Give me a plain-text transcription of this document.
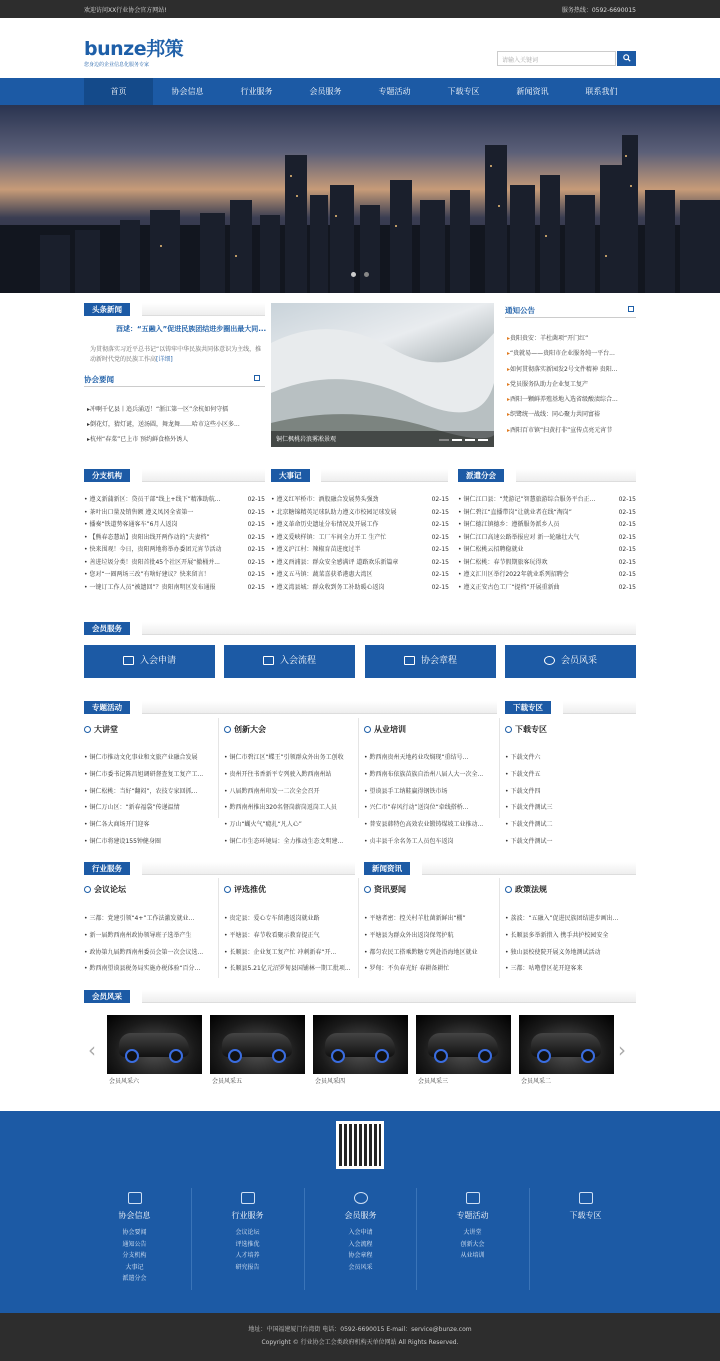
欢迎访问XX行业协会官方网站!	服务热线：0592-6690015
bunze邦策
您身边的企业信息化服务专家
请输入关键词
首页	协会信息	行业服务	会员服务	专题活动	下载专区	新闻资讯	联系我们
头条新闻
酉逑：“五融入”促进民族团结进步圈出最大同...
为贯彻落实习近平总书记“以铸牢中华民族共同体意识为主线，推动新时代党的民族工作高[详细]
协会要闻
▸冲啊千亿县丨追兵涌迈！“浙江第一区”余杭如何守擂
▸倒花灯，猜灯谜，送汤圆，舞龙舞……哈市这些小区多...
▸杭州“春菜”已上市 预约鲜食格外诱人	铜仁枫桃岩浪雾凇景观
通知公告
▸贵阳贵安：羊杜菌项“开门红”
▸“贵就易——贵阳市企业服务纯一平台...
▸如何贯彻落实新园发2号文件精神 贵阳...
▸党员服务队助力企业复工复产
▸酉阳一颗鲜养殖基地入选省级酸渍综合...
▸织鹭统一战线：同心聚力共同富裕
▸酉阳百市镇“扫黄打非”宣传点亮元宵节
分支机构
• 遵义新蒲新区：贷员干部“线上+线下”精准助航...	02-15
• 茶叶出口量及销售额 遵义凤冈全省第一	02-15
• 播奏“铁道势客通客车”6月人返岗	02-15
• 【熊春态慧站】贵阳出线开两作动的“夫妻档”	02-15
• 快来围观！今日，贵阳两地将举办委团元宵节活动	02-15
• 善进垃圾分类！贵阳首批45个社区开展“撤桶并...	02-15
• 您对“一圈两场三改”有啥好建议？快来留言！	02-15
• 一键订工作人员“被遗回”？贵阳南明区发布通报	02-15
大事记
• 遵义红军桥市：酒股融合发展势头强劲	02-15
• 北京糖锦精英足球队助力遵义市校园足球发展	02-15
• 遵义革命历史遗址分布情况及开展工作	02-15
• 遵义爱峡样镇：工厂车间全力开工 生产忙	02-15
• 遵义沪江村：辣椒育苗进度过半	02-15
• 遵义酉浦县：群众安全感满评 道路欢乐新篇章	02-15
• 遵义五马镇：蔬菜喜获希港惠大湾区	02-15
• 遵义湾县城：群众收到务工补助暖心返岗	02-15
派遣分会
• 铜仁江口县：“梵游记”智慧旅游综合服务平台正...	02-15
• 铜仁碧江“直播带岗”让就业者在线“淘岗”	02-15
• 铜仁德江镇德乡：遵循服务派乡人员	02-15
• 铜仁江口高速公路举报应对 新一轮融壮大气	02-15
• 铜仁松桃云招聘稳就业	02-15
• 铜仁松桃：春节假期旅客玩得欢	02-15
• 遵义汇川区举行2022年就业系列招聘会	02-15
• 遵义正安古色工厂“提档”开展重新曲	02-15
会员服务
入会申请	入会流程	协会章程	会员风采
专题活动	下载专区
大讲堂	创新大会	从业培训	下载专区
• 铜仁市推动文化事业和文旅产业融合发展
• 铜仁市委书记陈昌旭调研督查复工复产工...
• 铜仁松桃：当好“翻闷”，农技专家回抓...
• 铜仁万山区：“新春福袋”传递温情
• 铜仁各大商场开门迎客
• 铜仁市将建设155钟健身圈
• 铜仁市碧江区“蝶王”引领群众外出务工创收
• 贵州开往书香新平专列驶入黔西南州站
• 八届黔西南州印发一二次全会召开
• 黔西南州推出320名督岗薪岗返岗工人员
• 万山“蝴火气”瘾扎“凡人心”
• 铜仁市生态环境局：全力推动生态文明建...
• 黔西南贵州天地药业攻焖现“重结号...
• 黔西南布依族苗族自治州八届人大一次全...
• 望谟县手工纳鞋赢得钢铁市场
• 兴仁市“春风行动”送岗位“牵线搭桥...
• 普安县韩特色高效农业锻铸煤坡工业推动...
• 贞丰县千余名务工人员包车返岗
• 下载文件六
• 下载文件五
• 下载文件四
• 下载文件测试三
• 下载文件测试二
• 下载文件测试一
行业服务	新闻资讯
会议论坛	评选推优	资讯要闻	政策法规
• 三都：党建引领“4+”工作法激发就业...
• 新一届黔西南州政协领导班子选举产生
• 政协第九届黔西南州委员会第一次会议选...
• 黔西南望谟县税务局实施办税体验“百分...
• 贵定县：爱心专车留港返岗就业路
• 平塘县：春节收看聚示教育提正气
• 长顺县：企业复工复产忙 冲刺新春“开...
• 长顺县5.21亿元沼罗甸县国铺林一期工批项...
• 平塘者密：控关村羊肚菌新鲜出“棚”
• 平塘县为群众外出返岗保驾护航
• 都匀农民工搭乘黔糖专列赴沿海地区就业
• 罗甸：不负春光好 春耕备耕忙
• 荔波：“五融入”促进民族团结进步画出...
• 长顺县多举新措入 携手共护校园安全
• 独山县校使院开展义务地测试活动
• 三都：咕噜曹区花开迎客来
会员风采
‹	›
会员风采六	会员风采五	会员风采四	会员风采三	会员风采二
协会信息
协会要闻
通知公告
分支机构
大事记
派遣分会
行业服务
会议论坛
评选推优
人才培养
研究报告
会员服务
入会申请
入会流程
协会章程
会员风采
专题活动
大讲堂
创新大会
从业培训
下载专区
地址：中国福建厦门台湾街 电话：0592-6690015 E-mail：service@bunze.com
Copyright © 行业协会工会类政府机构天单位网站 All Rights Reserved.
